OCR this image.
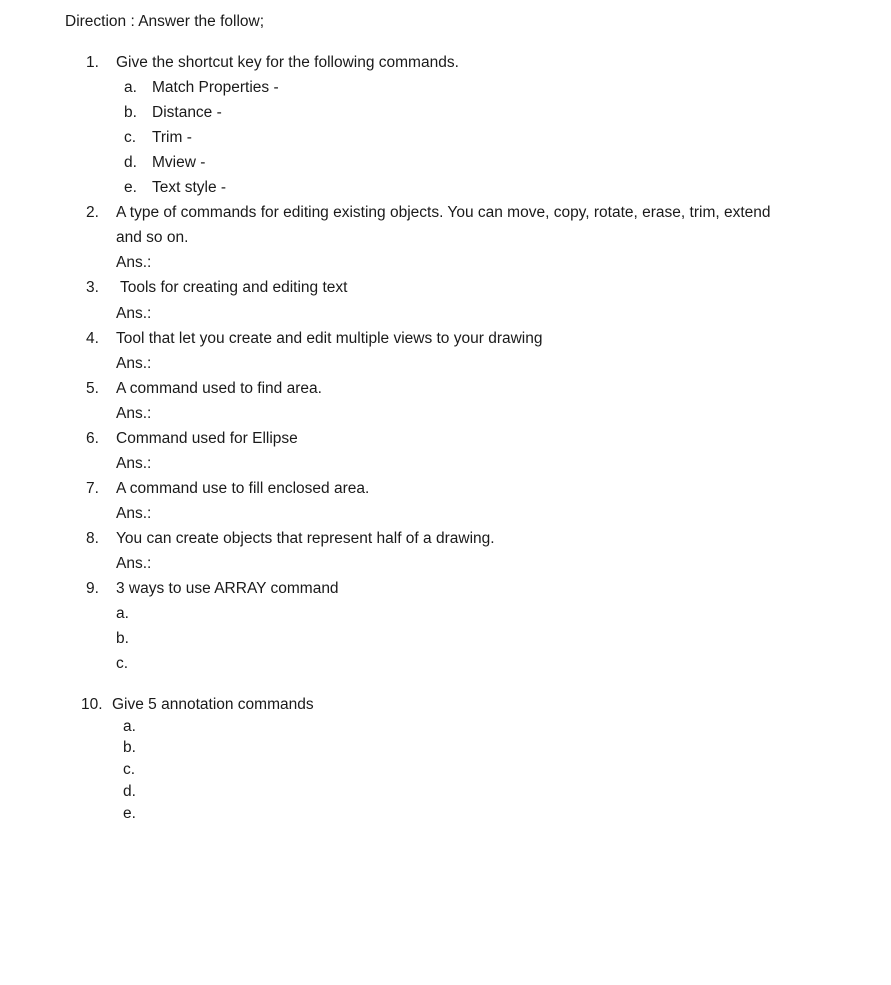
Direction : Answer the follow;
1. Give the shortcut key for the following commands.
a. Match Properties -
b. Distance -
c. Trim -
d. Mview -
e. Text style -
2. A type of commands for editing existing objects. You can move, copy, rotate, erase, trim, extend
and so on.
Ans.:
3. Tools for creating and editing text
Ans.:
4. Tool that let you create and edit multiple views to your drawing
Ans.:
5. A command used to find area.
Ans.:
6. Command used for Ellipse
Ans.:
7. A command use to fill enclosed area.
Ans.:
8. You can create objects that represent half of a drawing.
Ans.:
9. 3 ways to use ARRAY command
a.
b.
c.
10. Give 5 annotation commands
a.
b.
c.
d.
e.
